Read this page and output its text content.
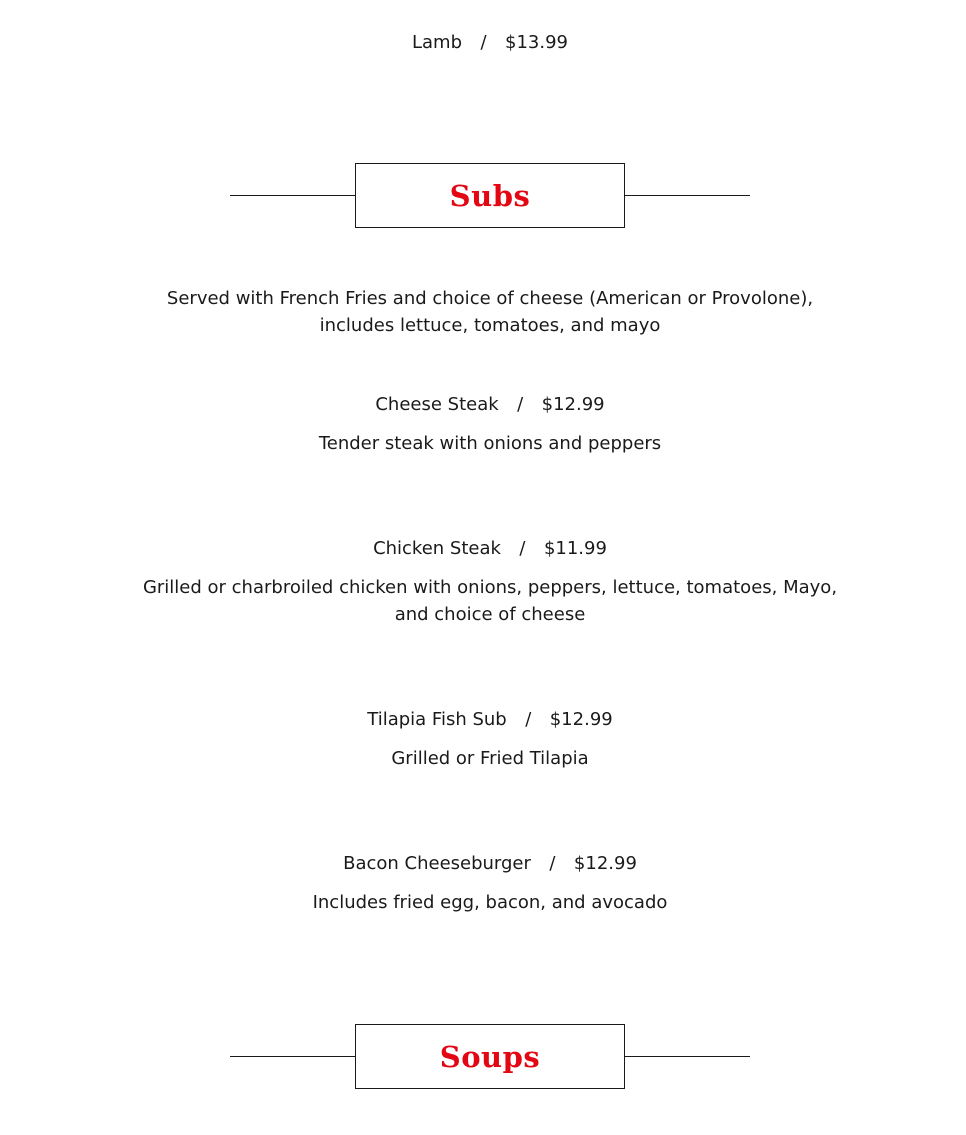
Lamb / $13.99
Subs
Served with French Fries and choice of cheese (American or Provolone), includes lettuce, tomatoes, and mayo
Cheese Steak / $12.99
Tender steak with onions and peppers
Chicken Steak / $11.99
Grilled or charbroiled chicken with onions, peppers, lettuce, tomatoes, Mayo, and choice of cheese
Tilapia Fish Sub / $12.99
Grilled or Fried Tilapia
Bacon Cheeseburger / $12.99
Includes fried egg, bacon, and avocado
Soups
